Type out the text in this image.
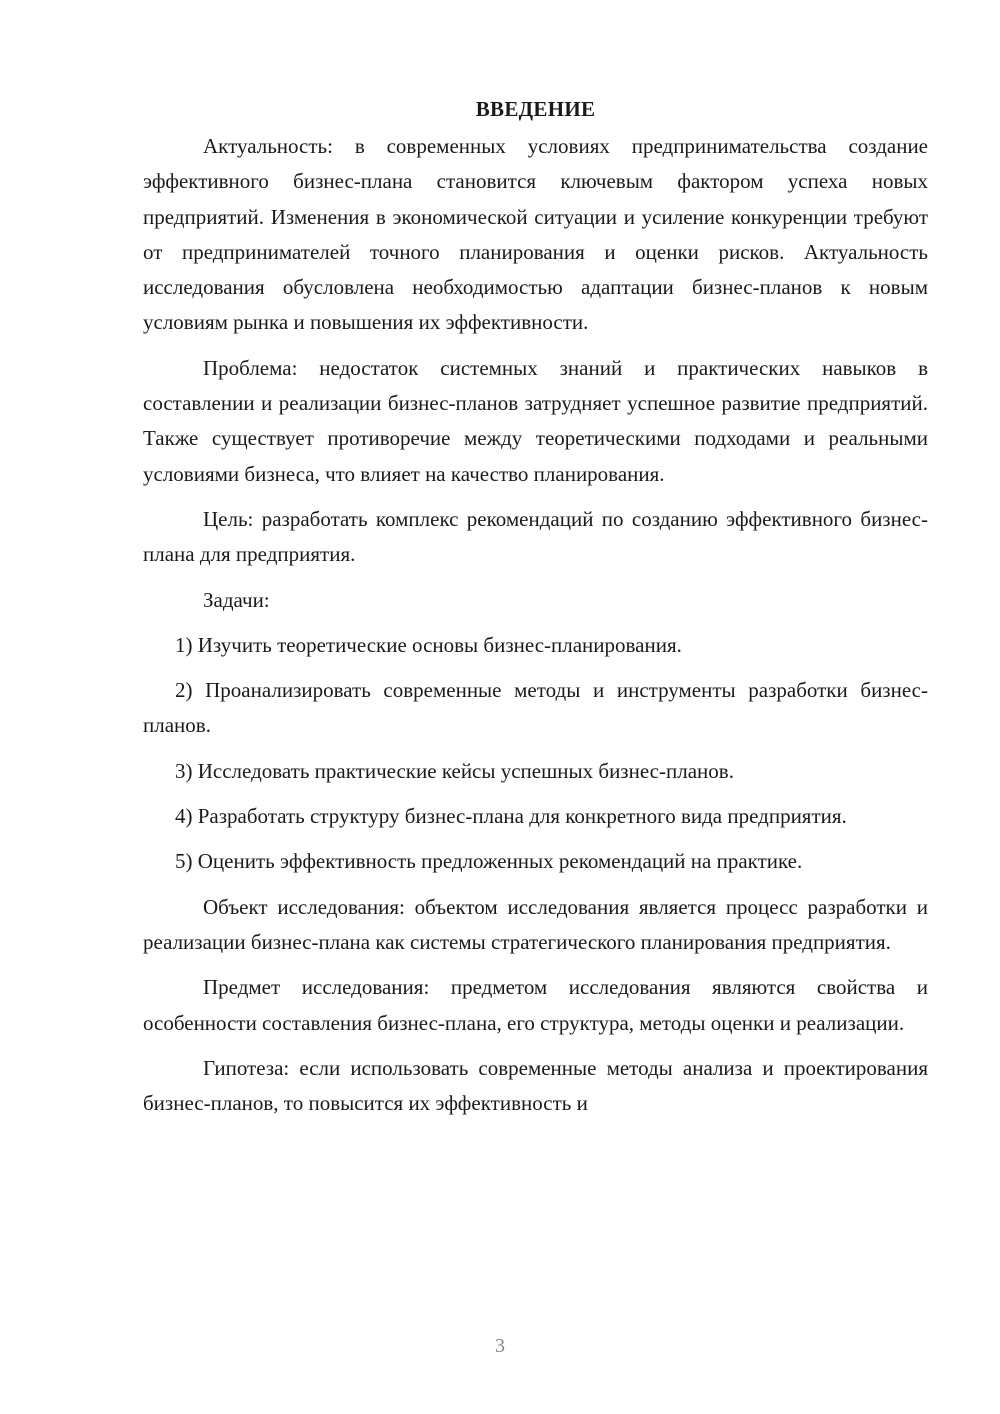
ВВЕДЕНИЕ

Актуальность: в современных условиях предпринимательства создание эффективного бизнес-плана становится ключевым фактором успеха новых предприятий. Изменения в экономической ситуации и усиление конкуренции требуют от предпринимателей точного планирования и оценки рисков. Актуальность исследования обусловлена необходимостью адаптации бизнес-планов к новым условиям рынка и повышения их эффективности.

Проблема: недостаток системных знаний и практических навыков в составлении и реализации бизнес-планов затрудняет успешное развитие предприятий. Также существует противоречие между теоретическими подходами и реальными условиями бизнеса, что влияет на качество планирования.

Цель: разработать комплекс рекомендаций по созданию эффективного бизнес-плана для предприятия.

Задачи:

1) Изучить теоретические основы бизнес-планирования.

2) Проанализировать современные методы и инструменты разработки бизнес-планов.

3) Исследовать практические кейсы успешных бизнес-планов.

4) Разработать структуру бизнес-плана для конкретного вида предприятия.

5) Оценить эффективность предложенных рекомендаций на практике.

Объект исследования: объектом исследования является процесс разработки и реализации бизнес-плана как системы стратегического планирования предприятия.

Предмет исследования: предметом исследования являются свойства и особенности составления бизнес-плана, его структура, методы оценки и реализации.

Гипотеза: если использовать современные методы анализа и проектирования бизнес-планов, то повысится их эффективность и

3
